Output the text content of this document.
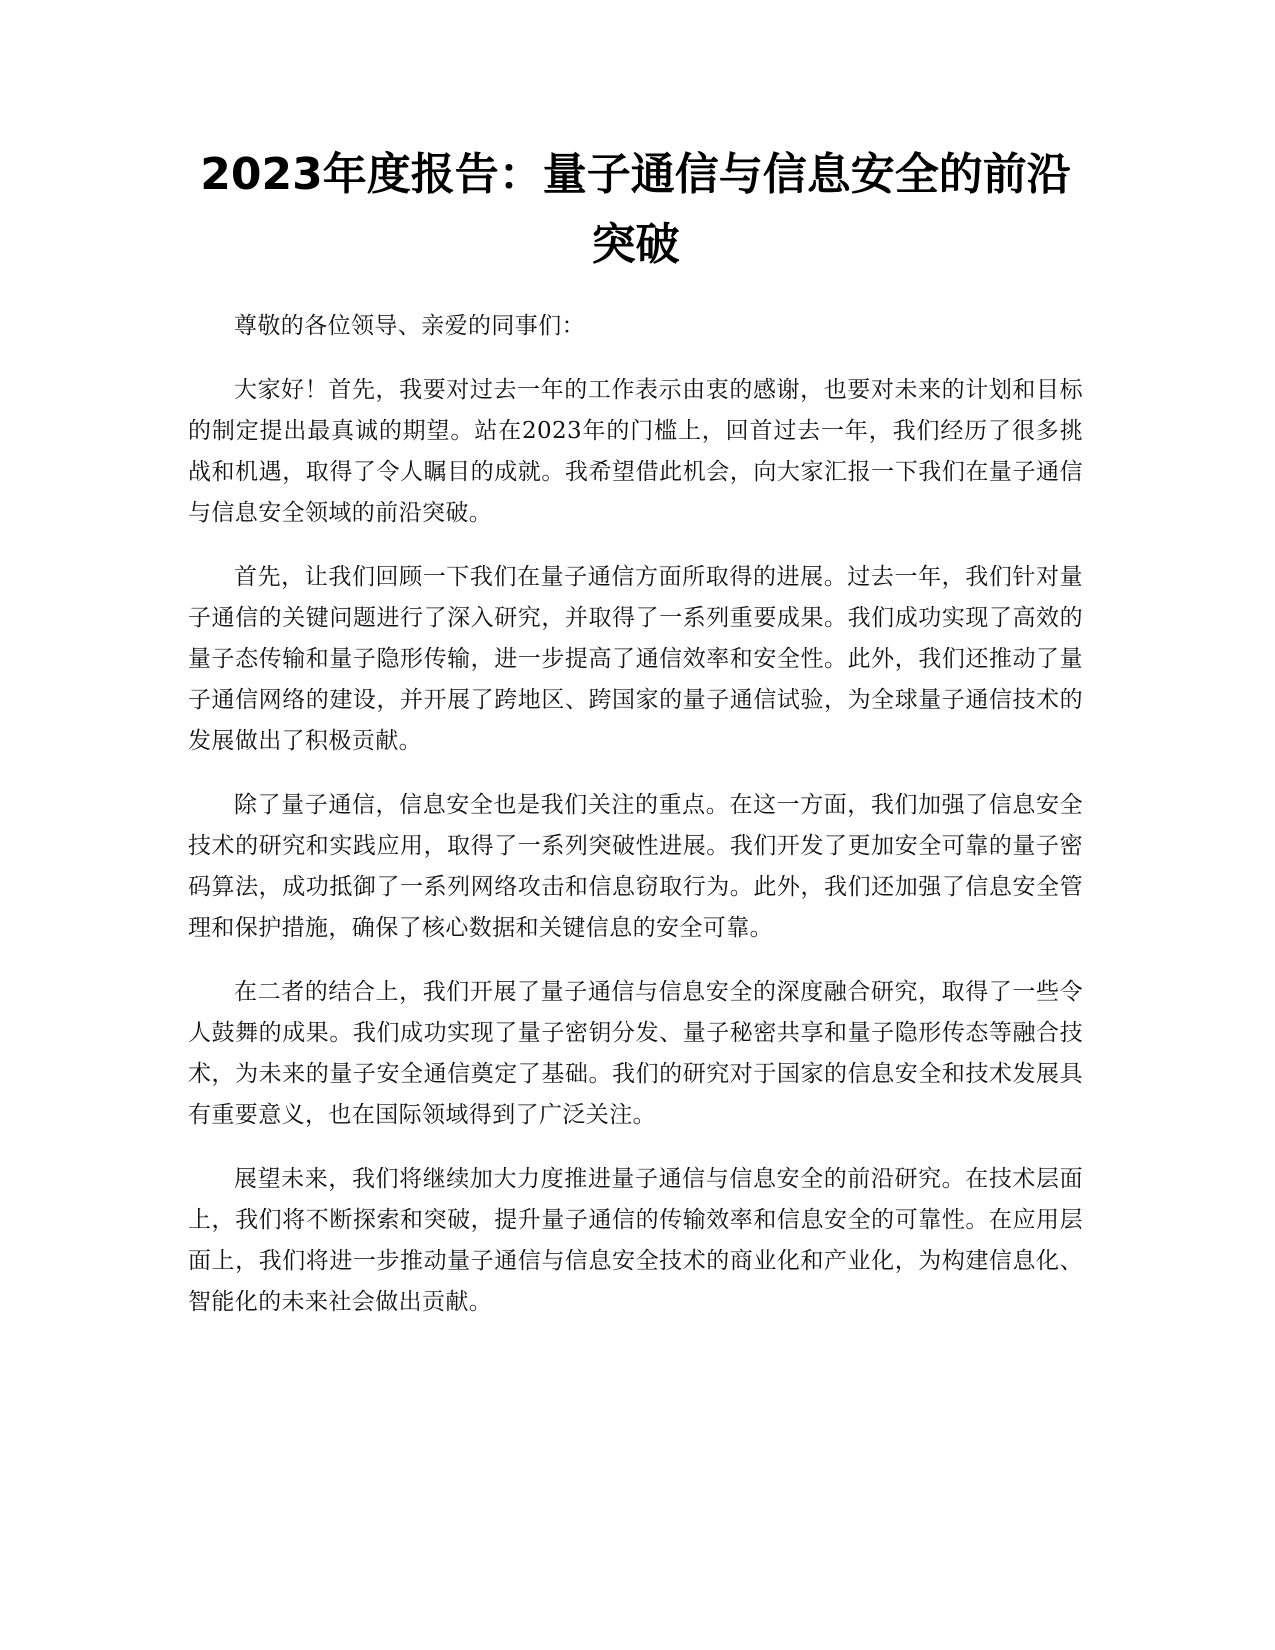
2023年度报告：量子通信与信息安全的前沿突破

尊敬的各位领导、亲爱的同事们：

大家好！首先，我要对过去一年的工作表示由衷的感谢，也要对未来的计划和目标的制定提出最真诚的期望。站在2023年的门槛上，回首过去一年，我们经历了很多挑战和机遇，取得了令人瞩目的成就。我希望借此机会，向大家汇报一下我们在量子通信与信息安全领域的前沿突破。

首先，让我们回顾一下我们在量子通信方面所取得的进展。过去一年，我们针对量子通信的关键问题进行了深入研究，并取得了一系列重要成果。我们成功实现了高效的量子态传输和量子隐形传输，进一步提高了通信效率和安全性。此外，我们还推动了量子通信网络的建设，并开展了跨地区、跨国家的量子通信试验，为全球量子通信技术的发展做出了积极贡献。

除了量子通信，信息安全也是我们关注的重点。在这一方面，我们加强了信息安全技术的研究和实践应用，取得了一系列突破性进展。我们开发了更加安全可靠的量子密码算法，成功抵御了一系列网络攻击和信息窃取行为。此外，我们还加强了信息安全管理和保护措施，确保了核心数据和关键信息的安全可靠。

在二者的结合上，我们开展了量子通信与信息安全的深度融合研究，取得了一些令人鼓舞的成果。我们成功实现了量子密钥分发、量子秘密共享和量子隐形传态等融合技术，为未来的量子安全通信奠定了基础。我们的研究对于国家的信息安全和技术发展具有重要意义，也在国际领域得到了广泛关注。

展望未来，我们将继续加大力度推进量子通信与信息安全的前沿研究。在技术层面上，我们将不断探索和突破，提升量子通信的传输效率和信息安全的可靠性。在应用层面上，我们将进一步推动量子通信与信息安全技术的商业化和产业化，为构建信息化、智能化的未来社会做出贡献。
